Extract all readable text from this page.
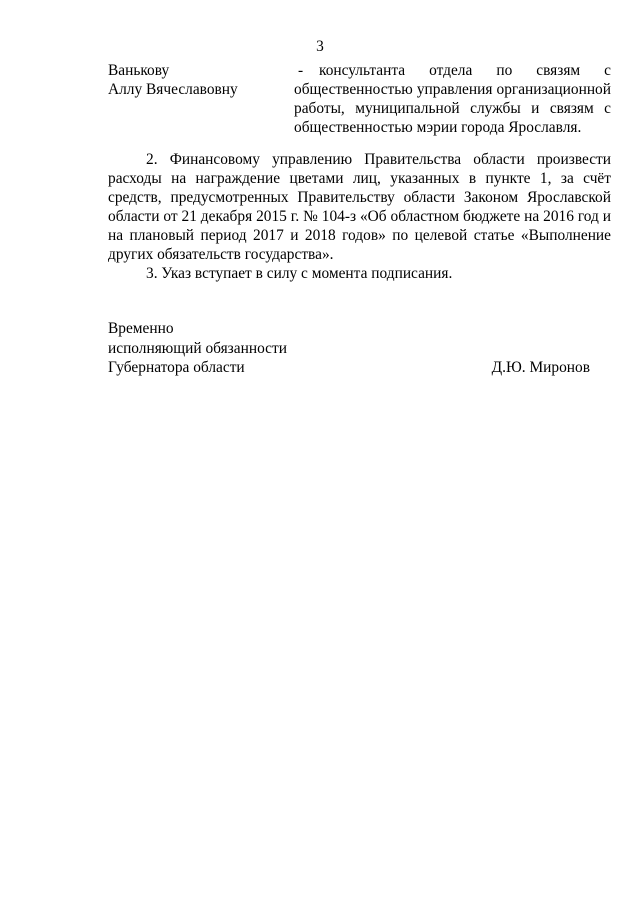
3
Ванькову
Аллу Вячеславовну
-	консультанта отдела по связям с
общественностью управления организационной работы, муниципальной службы и связям с общественностью мэрии города Ярославля.

2. Финансовому управлению Правительства области произвести расходы на награждение цветами лиц, указанных в пункте 1, за счёт средств, предусмотренных Правительству области Законом Ярославской области от 21 декабря 2015 г. № 104-з «Об областном бюджете на 2016 год и на плановый период 2017 и 2018 годов» по целевой статье «Выполнение других обязательств государства».

3. Указ вступает в силу с момента подписания.

Временно
исполняющий обязанности
Губернатора области	Д.Ю. Миронов
